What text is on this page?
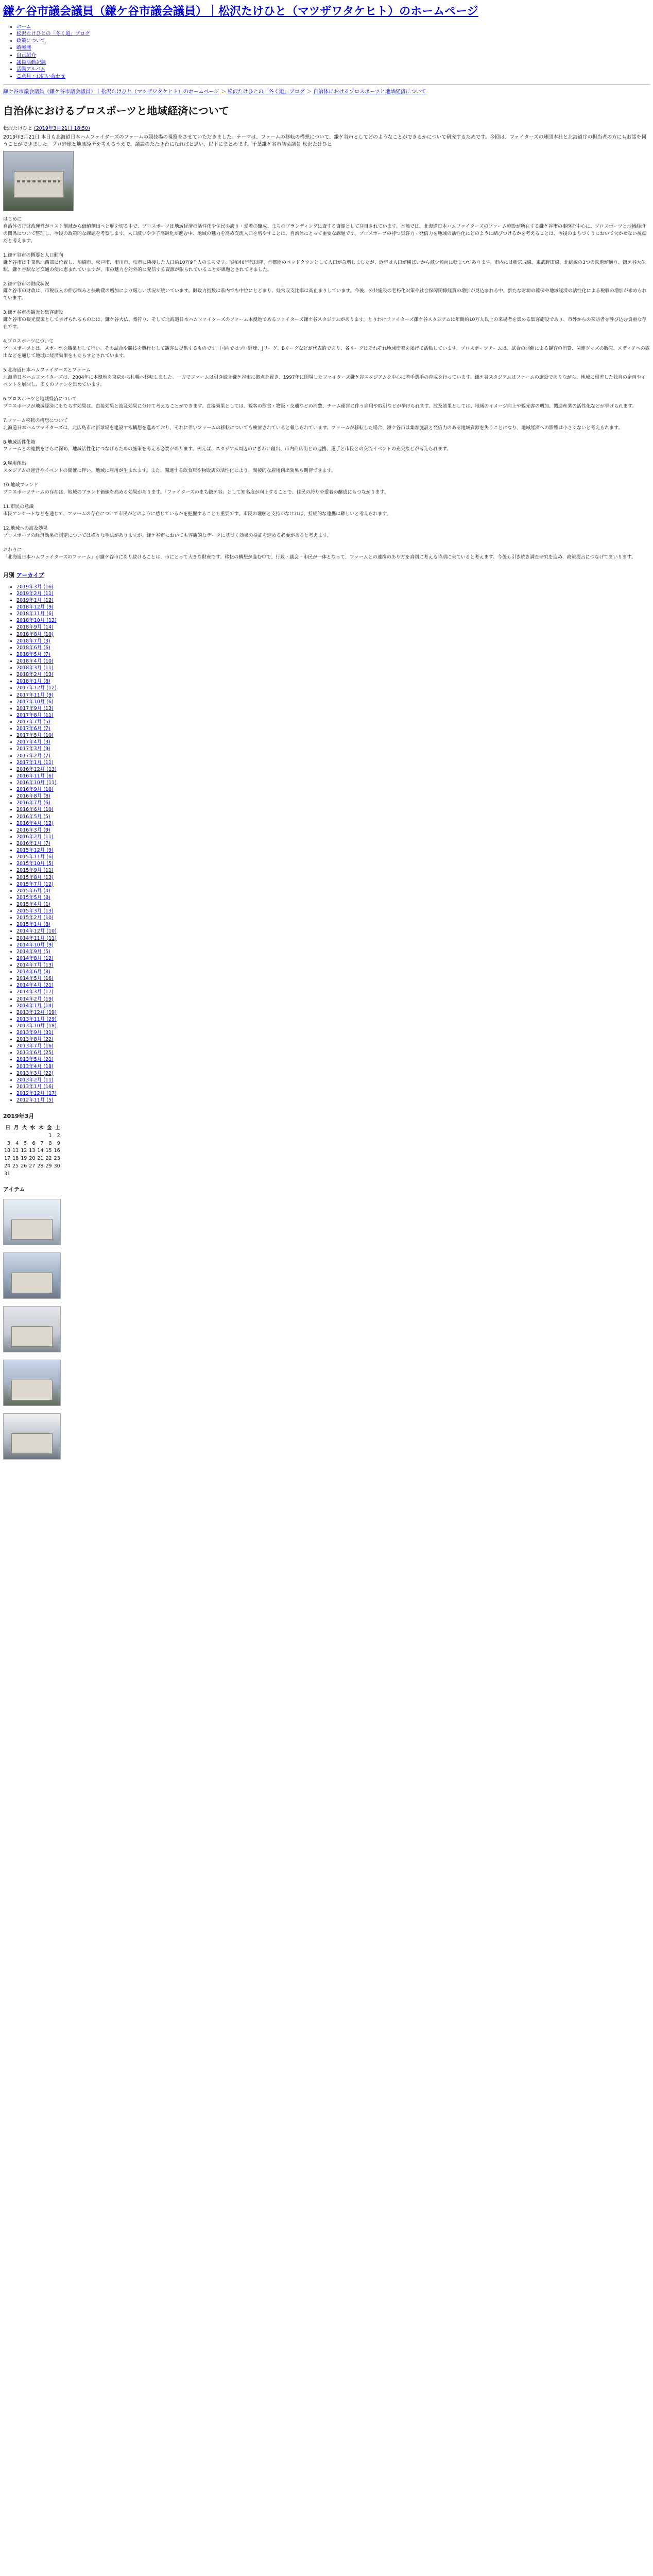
鎌ケ谷市議会議員（鎌ケ谷市議会議員）｜松沢たけひと（マツザワタケヒト）のホームページ
• ホーム
• 松沢たけひとの「冬く道」ブログ
• 政策について
• 略歴歴
• 自己紹介
• 議員活動記録
• 活動アルバム
• ご意見・お問い合わせ
鎌ケ谷市議会議員（鎌ケ谷市議会議員）｜松沢たけひと（マツザワタケヒト）のホームページ ＞ 松沢たけひとの「冬く道」ブログ ＞ 自治体におけるプロスポーツと地域経済について
自治体におけるプロスポーツと地域経済について
松沢たけひと (2019年3月21日 18:50)

2019年3月21日 本日も北海道日本ハムファイターズのファームの競技場の視察をさせていただきました。テーマは、ファームの移転の構想について、鎌ケ谷市としてどのようなことができるかについて研究するためです。今回は、ファイターズの球団本社と北海道庁の担当者の方にもお話を伺うことができました。プロ野球と地域経済を考えるうえで、議論のたたき台になればと思い、以下にまとめます。千葉鎌ケ谷市議会議員 松沢たけひと

はじめに

自治体の行財政運営がコスト削減から価値創出へと舵を切る中で、プロスポーツは地域経済の活性化や住民の誇り・愛着の醸成、まちのブランディングに資する資源として注目されています。本稿では、北海道日本ハムファイターズのファーム施設が所在する鎌ケ谷市の事例を中心に、プロスポーツと地域経済の関係について整理し、今後の政策的な課題を考察します。人口減少や少子高齢化が進む中、地域の魅力を高め交流人口を増やすことは、自治体にとって重要な課題です。プロスポーツの持つ集客力・発信力を地域の活性化にどのように結びつけるかを考えることは、今後のまちづくりにおいて欠かせない視点だと考えます。

1.鎌ケ谷市の概要と人口動向

鎌ケ谷市は千葉県北西部に位置し、船橋市、松戸市、市川市、柏市に隣接した人口約10万9千人のまちです。昭和40年代以降、首都圏のベッドタウンとして人口が急増しましたが、近年は人口が横ばいから減少傾向に転じつつあります。市内には新京成線、東武野田線、北総線の3つの鉄道が通り、鎌ケ谷大仏駅、鎌ケ谷駅など交通の便に恵まれていますが、市の魅力を対外的に発信する資源が限られていることが課題とされてきました。

2.鎌ケ谷市の財政状況

鎌ケ谷市の財政は、市税収入の伸び悩みと扶助費の増加により厳しい状況が続いています。財政力指数は県内でも中位にとどまり、経常収支比率は高止まりしています。今後、公共施設の老朽化対策や社会保障関係経費の増加が見込まれる中、新たな財源の確保や地域経済の活性化による税収の増加が求められています。

3.鎌ケ谷市の観光と集客施設

鎌ケ谷市の観光資源として挙げられるものには、鎌ケ谷大仏、梨狩り、そして北海道日本ハムファイターズのファーム本拠地であるファイターズ鎌ケ谷スタジアムがあります。とりわけファイターズ鎌ケ谷スタジアムは年間約10万人以上の来場者を集める集客施設であり、市外からの来訪者を呼び込む貴重な存在です。

4.プロスポーツについて

プロスポーツとは、スポーツを職業として行い、その試合や競技を興行として観客に提供するものです。国内ではプロ野球、Jリーグ、Bリーグなどが代表的であり、各リーグはそれぞれ地域密着を掲げて活動しています。プロスポーツチームは、試合の開催による観客の消費、関連グッズの販売、メディアへの露出などを通じて地域に経済効果をもたらすとされています。

5.北海道日本ハムファイターズとファーム

北海道日本ハムファイターズは、2004年に本拠地を東京から札幌へ移転しました。一方でファームは引き続き鎌ケ谷市に拠点を置き、1997年に開場したファイターズ鎌ケ谷スタジアムを中心に若手選手の育成を行っています。鎌ケ谷スタジアムはファームの施設でありながら、地域に根差した独自の企画やイベントを展開し、多くのファンを集めています。

6.プロスポーツと地域経済について

プロスポーツが地域経済にもたらす効果は、直接効果と波及効果に分けて考えることができます。直接効果としては、観客の飲食・物販・交通などの消費、チーム運営に伴う雇用や取引などが挙げられます。波及効果としては、地域のイメージ向上や観光客の増加、関連産業の活性化などが挙げられます。

7.ファーム移転の構想について

北海道日本ハムファイターズは、北広島市に新球場を建設する構想を進めており、それに伴いファームの移転についても検討されていると報じられています。ファームが移転した場合、鎌ケ谷市は集客施設と発信力のある地域資源を失うことになり、地域経済への影響は小さくないと考えられます。

8.地域活性化策

ファームとの連携をさらに深め、地域活性化につなげるための施策を考える必要があります。例えば、スタジアム周辺のにぎわい創出、市内商店街との連携、選手と市民との交流イベントの充実などが考えられます。

9.雇用創出

スタジアムの運営やイベントの開催に伴い、地域に雇用が生まれます。また、関連する飲食店や物販店の活性化により、間接的な雇用創出効果も期待できます。

10.地域ブランド

プロスポーツチームの存在は、地域のブランド価値を高める効果があります。「ファイターズのまち鎌ケ谷」として知名度が向上することで、住民の誇りや愛着の醸成にもつながります。

11.市民の意識

市民アンケートなどを通じて、ファームの存在について市民がどのように感じているかを把握することも重要です。市民の理解と支持がなければ、持続的な連携は難しいと考えられます。

12.地域への波及効果

プロスポーツの経済効果の測定については様々な手法がありますが、鎌ケ谷市においても客観的なデータに基づく効果の検証を進める必要があると考えます。

おわりに

「北海道日本ハムファイターズのファーム」が鎌ケ谷市にあり続けることは、市にとって大きな財産です。移転の構想が進む中で、行政・議会・市民が一体となって、ファームとの連携のあり方を真剣に考える時期に来ていると考えます。今後も引き続き調査研究を進め、政策提言につなげてまいります。

月別 アーカイブ
• 2019年3月 (16)
• 2019年2月 (11)
• 2019年1月 (12)
• 2018年12月 (9)
• 2018年11月 (6)
• 2018年10月 (12)
• 2018年9月 (14)
• 2018年8月 (10)
• 2018年7月 (3)
• 2018年6月 (6)
• 2018年5月 (7)
• 2018年4月 (10)
• 2018年3月 (11)
• 2018年2月 (13)
• 2018年1月 (8)
• 2017年12月 (12)
• 2017年11月 (9)
• 2017年10月 (6)
• 2017年9月 (13)
• 2017年8月 (11)
• 2017年7月 (5)
• 2017年6月 (7)
• 2017年5月 (10)
• 2017年4月 (3)
• 2017年3月 (9)
• 2017年2月 (7)
• 2017年1月 (11)
• 2016年12月 (13)
• 2016年11月 (6)
• 2016年10月 (11)
• 2016年9月 (10)
• 2016年8月 (8)
• 2016年7月 (6)
• 2016年6月 (10)
• 2016年5月 (5)
• 2016年4月 (12)
• 2016年3月 (9)
• 2016年2月 (11)
• 2016年1月 (7)
• 2015年12月 (9)
• 2015年11月 (6)
• 2015年10月 (5)
• 2015年9月 (11)
• 2015年8月 (13)
• 2015年7月 (12)
• 2015年6月 (4)
• 2015年5月 (8)
• 2015年4月 (1)
• 2015年3月 (13)
• 2015年2月 (10)
• 2015年1月 (8)
• 2014年12月 (10)
• 2014年11月 (11)
• 2014年10月 (9)
• 2014年9月 (5)
• 2014年8月 (12)
• 2014年7月 (13)
• 2014年6月 (8)
• 2014年5月 (16)
• 2014年4月 (21)
• 2014年3月 (17)
• 2014年2月 (19)
• 2014年1月 (14)
• 2013年12月 (19)
• 2013年11月 (29)
• 2013年10月 (18)
• 2013年9月 (31)
• 2013年8月 (22)
• 2013年7月 (16)
• 2013年6月 (25)
• 2013年5月 (21)
• 2013年4月 (18)
• 2013年3月 (22)
• 2013年2月 (11)
• 2013年1月 (16)
• 2012年12月 (17)
• 2012年11月 (5)
2019年3月
日	月	火	水	木	金	土
					1	2
3	4	5	6	7	8	9
10	11	12	13	14	15	16
17	18	19	20	21	22	23
24	25	26	27	28	29	30
31						
アイテム
